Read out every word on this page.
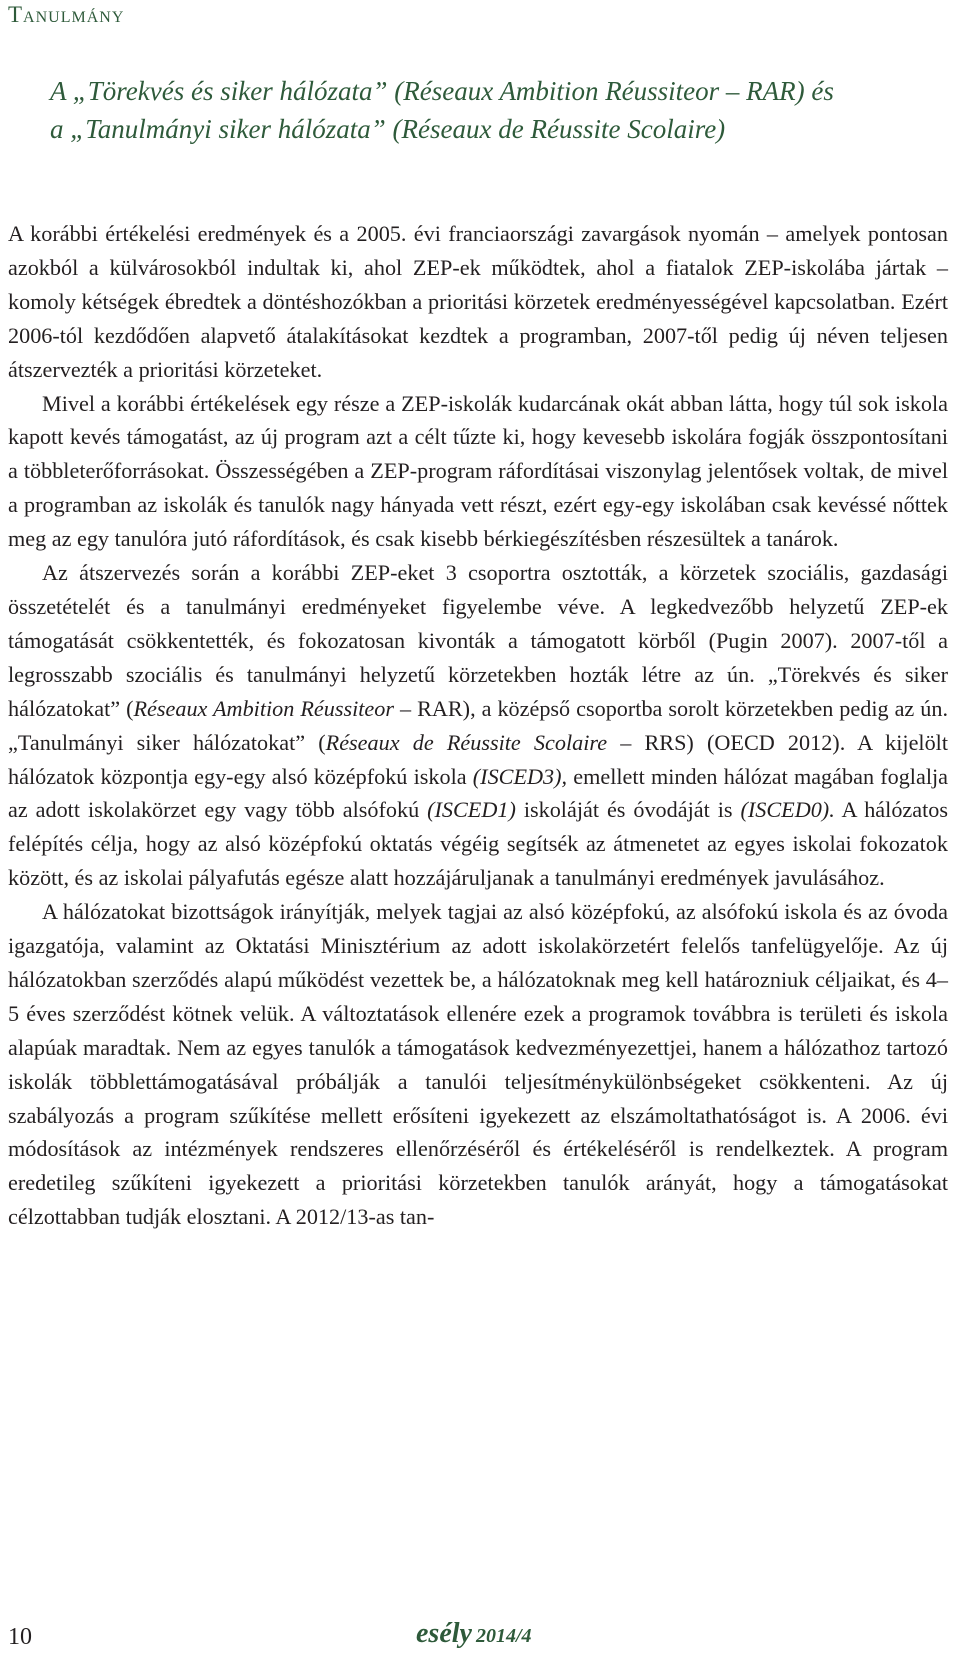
Tanulmány
A „Törekvés és siker hálózata” (Réseaux Ambition Réussiteor – RAR) és
a „Tanulmányi siker hálózata” (Réseaux de Réussite Scolaire)

A korábbi értékelési eredmények és a 2005. évi franciaországi zavargások nyomán – amelyek pontosan azokból a külvárosokból indultak ki, ahol ZEP-ek működtek, ahol a fiatalok ZEP-iskolába jártak – komoly kétségek ébredtek a döntéshozókban a prioritási körzetek eredményességével kapcsolatban. Ezért 2006-tól kezdődően alapvető átalakításokat kezdtek a programban, 2007-től pedig új néven teljesen átszervezték a prioritási körzeteket.

Mivel a korábbi értékelések egy része a ZEP-iskolák kudarcának okát abban látta, hogy túl sok iskola kapott kevés támogatást, az új program azt a célt tűzte ki, hogy kevesebb iskolára fogják összpontosítani a többleterőforrásokat. Összességében a ZEP-program ráfordításai viszonylag jelentősek voltak, de mivel a programban az iskolák és tanulók nagy hányada vett részt, ezért egy-egy iskolában csak kevéssé nőttek meg az egy tanulóra jutó ráfordítások, és csak kisebb bérkiegészítésben részesültek a tanárok.

Az átszervezés során a korábbi ZEP-eket 3 csoportra osztották, a körzetek szociális, gazdasági összetételét és a tanulmányi eredményeket figyelembe véve. A legkedvezőbb helyzetű ZEP-ek támogatását csökkentették, és fokozatosan kivonták a támogatott körből (Pugin 2007). 2007-től a legrosszabb szociális és tanulmányi helyzetű körzetekben hozták létre az ún. „Törekvés és siker hálózatokat” (Réseaux Ambition Réussiteor – RAR), a középső csoportba sorolt körzetekben pedig az ún. „Tanulmányi siker hálózatokat” (Réseaux de Réussite Scolaire – RRS) (OECD 2012). A kijelölt hálózatok központja egy-egy alsó középfokú iskola (ISCED3), emellett minden hálózat magában foglalja az adott iskolakörzet egy vagy több alsófokú (ISCED1) iskoláját és óvodáját is (ISCED0). A hálózatos felépítés célja, hogy az alsó középfokú oktatás végéig segítsék az átmenetet az egyes iskolai fokozatok között, és az iskolai pályafutás egésze alatt hozzájáruljanak a tanulmányi eredmények javulásához.

A hálózatokat bizottságok irányítják, melyek tagjai az alsó középfokú, az alsófokú iskola és az óvoda igazgatója, valamint az Oktatási Minisztérium az adott iskolakörzetért felelős tanfelügyelője. Az új hálózatokban szerződés alapú működést vezettek be, a hálózatoknak meg kell határozniuk céljaikat, és 4–5 éves szerződést kötnek velük. A változtatások ellenére ezek a programok továbbra is területi és iskola alapúak maradtak. Nem az egyes tanulók a támogatások kedvezményezettjei, hanem a hálózathoz tartozó iskolák többlettámogatásával próbálják a tanulói teljesítménykülönbségeket csökkenteni. Az új szabályozás a program szűkítése mellett erősíteni igyekezett az elszámoltathatóságot is. A 2006. évi módosítások az intézmények rendszeres ellenőrzéséről és értékeléséről is rendelkeztek. A program eredetileg szűkíteni igyekezett a prioritási körzetekben tanulók arányát, hogy a támogatásokat célzottabban tudják elosztani. A 2012/13-as tan-

10	esély 2014/4
